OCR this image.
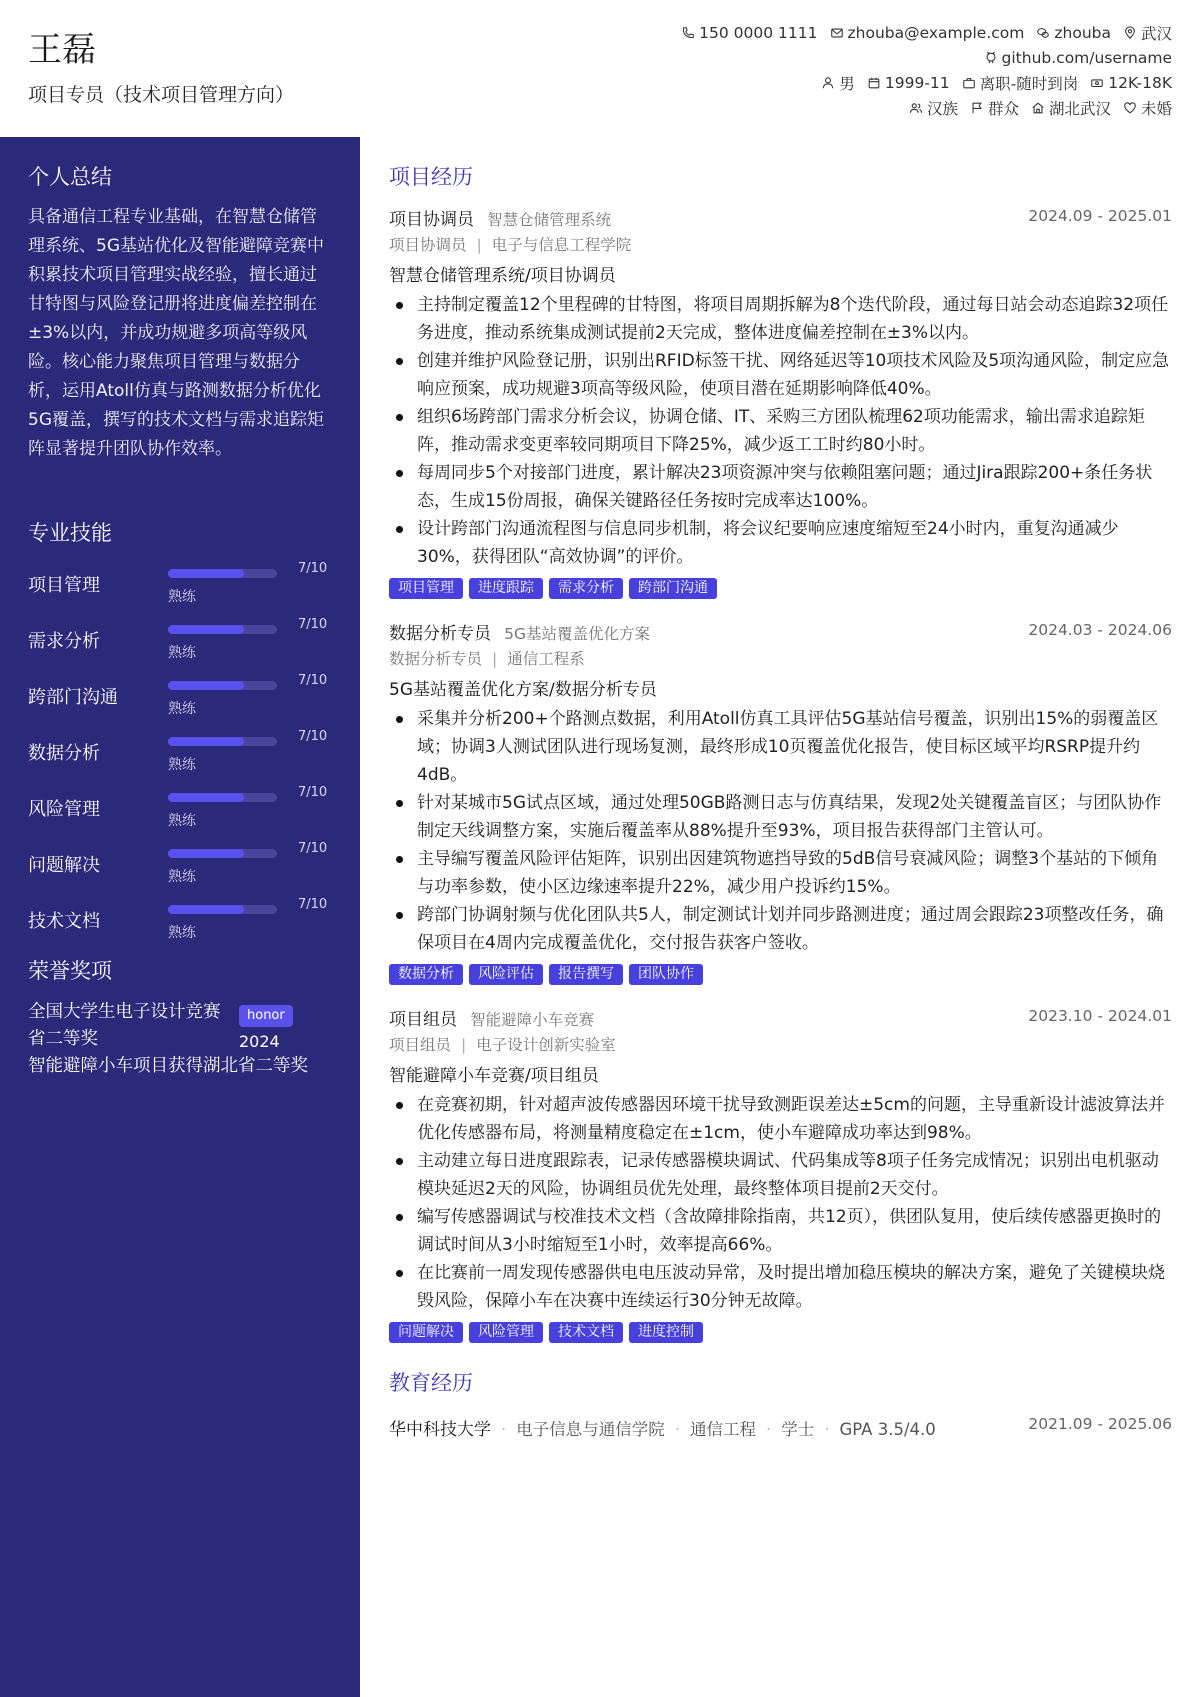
王磊
项目专员（技术项目管理方向）
150 0000 1111 zhouba@example.com zhouba 武汉
github.com/username
男 1999-11 离职-随时到岗 12K-18K
汉族 群众 湖北武汉 未婚
个人总结
具备通信工程专业基础，在智慧仓储管理系统、5G基站优化及智能避障竞赛中积累技术项目管理实战经验，擅长通过甘特图与风险登记册将进度偏差控制在±3%以内，并成功规避多项高等级风险。核心能力聚焦项目管理与数据分析，运用Atoll仿真与路测数据分析优化5G覆盖，撰写的技术文档与需求追踪矩阵显著提升团队协作效率。
专业技能
项目管理
7/10
熟练
需求分析
7/10
熟练
跨部门沟通
7/10
熟练
数据分析
7/10
熟练
风险管理
7/10
熟练
问题解决
7/10
熟练
技术文档
7/10
熟练
荣誉奖项
全国大学生电子设计竞赛省二等奖
honor 2024
智能避障小车项目获得湖北省二等奖
项目经历
项目协调员 智慧仓储管理系统	2024.09 - 2025.01
项目协调员 | 电子与信息工程学院
智慧仓储管理系统/项目协调员
主持制定覆盖12个里程碑的甘特图，将项目周期拆解为8个迭代阶段，通过每日站会动态追踪32项任务进度，推动系统集成测试提前2天完成，整体进度偏差控制在±3%以内。
创建并维护风险登记册，识别出RFID标签干扰、网络延迟等10项技术风险及5项沟通风险，制定应急响应预案，成功规避3项高等级风险，使项目潜在延期影响降低40%。
组织6场跨部门需求分析会议，协调仓储、IT、采购三方团队梳理62项功能需求，输出需求追踪矩阵，推动需求变更率较同期项目下降25%，减少返工工时约80小时。
每周同步5个对接部门进度，累计解决23项资源冲突与依赖阻塞问题；通过Jira跟踪200+条任务状态，生成15份周报，确保关键路径任务按时完成率达100%。
设计跨部门沟通流程图与信息同步机制，将会议纪要响应速度缩短至24小时内，重复沟通减少30%，获得团队“高效协调”的评价。
项目管理	进度跟踪	需求分析	跨部门沟通
数据分析专员 5G基站覆盖优化方案	2024.03 - 2024.06
数据分析专员 | 通信工程系
5G基站覆盖优化方案/数据分析专员
采集并分析200+个路测点数据，利用Atoll仿真工具评估5G基站信号覆盖，识别出15%的弱覆盖区域；协调3人测试团队进行现场复测，最终形成10页覆盖优化报告，使目标区域平均RSRP提升约4dB。
针对某城市5G试点区域，通过处理50GB路测日志与仿真结果，发现2处关键覆盖盲区；与团队协作制定天线调整方案，实施后覆盖率从88%提升至93%，项目报告获得部门主管认可。
主导编写覆盖风险评估矩阵，识别出因建筑物遮挡导致的5dB信号衰减风险；调整3个基站的下倾角与功率参数，使小区边缘速率提升22%，减少用户投诉约15%。
跨部门协调射频与优化团队共5人，制定测试计划并同步路测进度；通过周会跟踪23项整改任务，确保项目在4周内完成覆盖优化，交付报告获客户签收。
数据分析	风险评估	报告撰写	团队协作
项目组员 智能避障小车竞赛	2023.10 - 2024.01
项目组员 | 电子设计创新实验室
智能避障小车竞赛/项目组员
在竞赛初期，针对超声波传感器因环境干扰导致测距误差达±5cm的问题，主导重新设计滤波算法并优化传感器布局，将测量精度稳定在±1cm，使小车避障成功率达到98%。
主动建立每日进度跟踪表，记录传感器模块调试、代码集成等8项子任务完成情况；识别出电机驱动模块延迟2天的风险，协调组员优先处理，最终整体项目提前2天交付。
编写传感器调试与校准技术文档（含故障排除指南，共12页），供团队复用，使后续传感器更换时的调试时间从3小时缩短至1小时，效率提高66%。
在比赛前一周发现传感器供电电压波动异常，及时提出增加稳压模块的解决方案，避免了关键模块烧毁风险，保障小车在决赛中连续运行30分钟无故障。
问题解决	风险管理	技术文档	进度控制
教育经历
华中科技大学 · 电子信息与通信学院 · 通信工程 · 学士 · GPA 3.5/4.0	2021.09 - 2025.06
